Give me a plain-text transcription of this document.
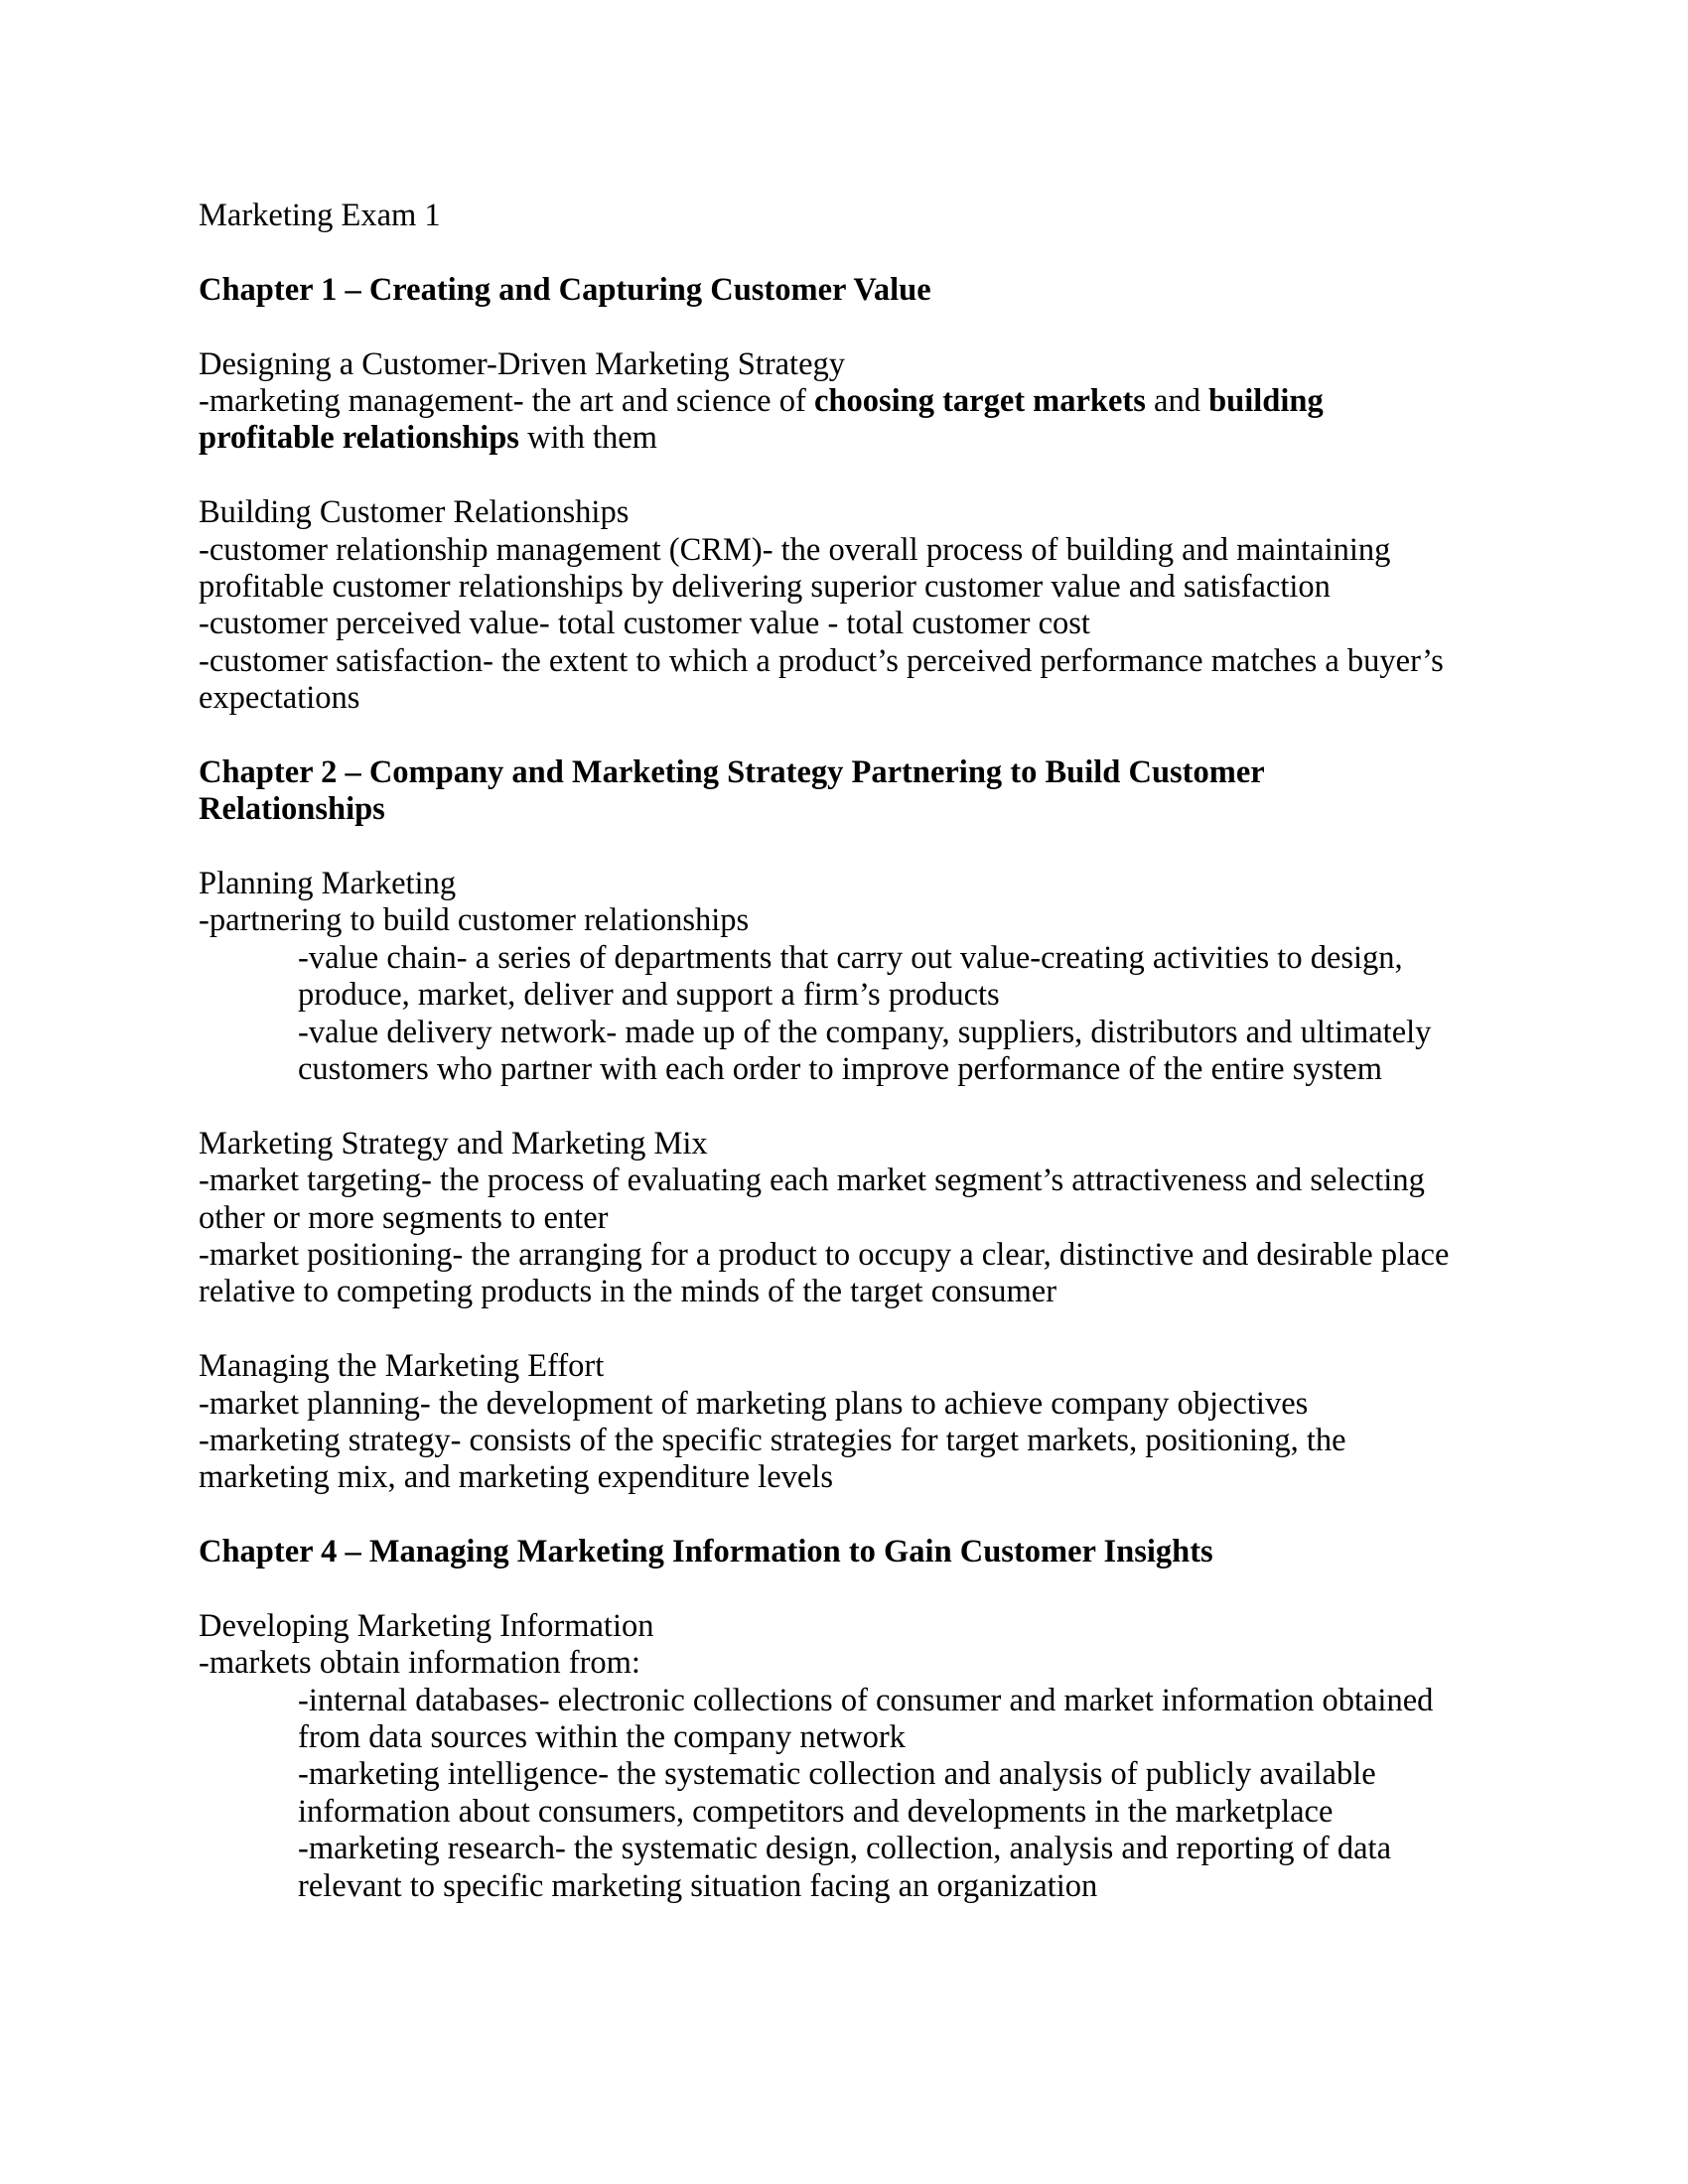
Marketing Exam 1
Chapter 1 – Creating and Capturing Customer Value
Designing a Customer-Driven Marketing Strategy
-marketing management- the art and science of choosing target markets and building
profitable relationships with them
Building Customer Relationships
-customer relationship management (CRM)- the overall process of building and maintaining
profitable customer relationships by delivering superior customer value and satisfaction
-customer perceived value- total customer value - total customer cost
-customer satisfaction- the extent to which a product’s perceived performance matches a buyer’s
expectations
Chapter 2 – Company and Marketing Strategy Partnering to Build Customer
Relationships
Planning Marketing
-partnering to build customer relationships
-value chain- a series of departments that carry out value-creating activities to design,
produce, market, deliver and support a firm’s products
-value delivery network- made up of the company, suppliers, distributors and ultimately
customers who partner with each order to improve performance of the entire system
Marketing Strategy and Marketing Mix
-market targeting- the process of evaluating each market segment’s attractiveness and selecting
other or more segments to enter
-market positioning- the arranging for a product to occupy a clear, distinctive and desirable place
relative to competing products in the minds of the target consumer
Managing the Marketing Effort
-market planning- the development of marketing plans to achieve company objectives
-marketing strategy- consists of the specific strategies for target markets, positioning, the
marketing mix, and marketing expenditure levels
Chapter 4 – Managing Marketing Information to Gain Customer Insights
Developing Marketing Information
-markets obtain information from:
-internal databases- electronic collections of consumer and market information obtained
from data sources within the company network
-marketing intelligence- the systematic collection and analysis of publicly available
information about consumers, competitors and developments in the marketplace
-marketing research- the systematic design, collection, analysis and reporting of data
relevant to specific marketing situation facing an organization
